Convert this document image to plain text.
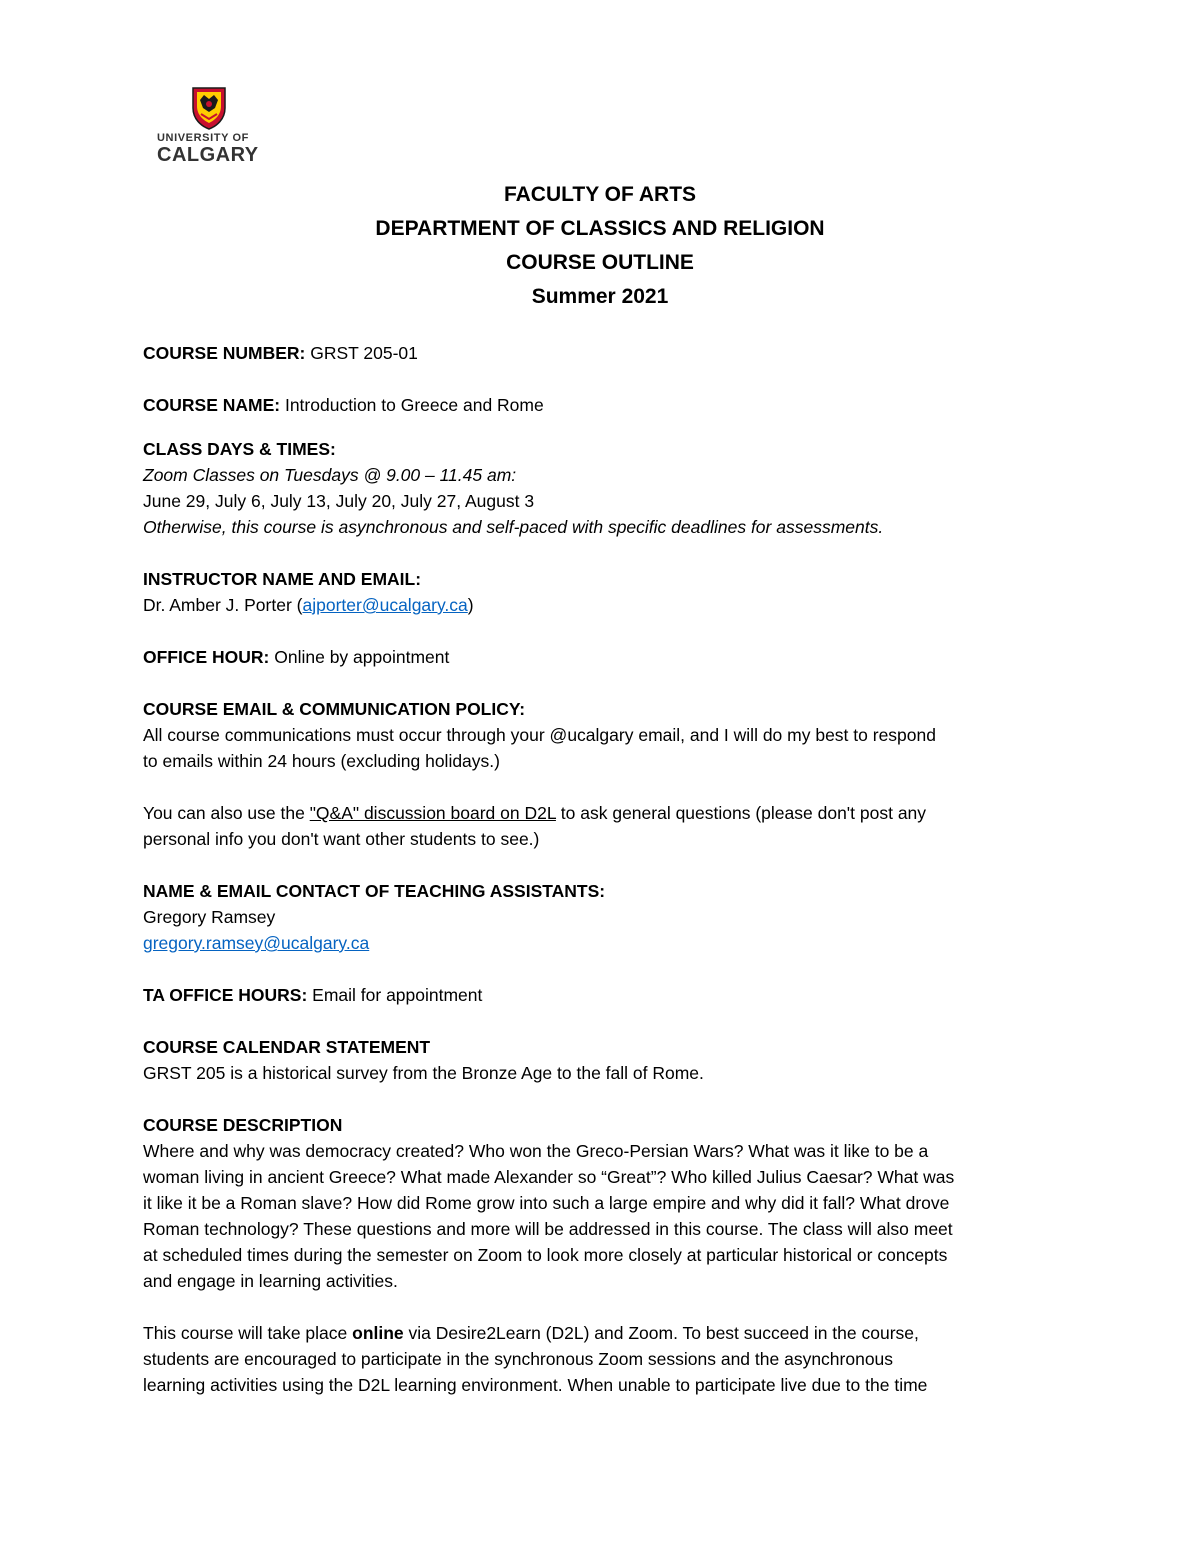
UNIVERSITY OF
CALGARY
FACULTY OF ARTS
DEPARTMENT OF CLASSICS AND RELIGION
COURSE OUTLINE
Summer 2021

COURSE NUMBER: GRST 205-01

COURSE NAME: Introduction to Greece and Rome

CLASS DAYS & TIMES:

Zoom Classes on Tuesdays @ 9.00 – 11.45 am:

June 29, July 6, July 13, July 20, July 27, August 3

Otherwise, this course is asynchronous and self-paced with specific deadlines for assessments.

INSTRUCTOR NAME AND EMAIL:

Dr. Amber J. Porter (ajporter@ucalgary.ca)

OFFICE HOUR: Online by appointment

COURSE EMAIL & COMMUNICATION POLICY:

All course communications must occur through your @ucalgary email, and I will do my best to respond

to emails within 24 hours (excluding holidays.)

You can also use the "Q&A" discussion board on D2L to ask general questions (please don't post any

personal info you don't want other students to see.)

NAME & EMAIL CONTACT OF TEACHING ASSISTANTS:

Gregory Ramsey

gregory.ramsey@ucalgary.ca

TA OFFICE HOURS: Email for appointment

COURSE CALENDAR STATEMENT

GRST 205 is a historical survey from the Bronze Age to the fall of Rome.

COURSE DESCRIPTION

Where and why was democracy created? Who won the Greco-Persian Wars? What was it like to be a

woman living in ancient Greece? What made Alexander so “Great”? Who killed Julius Caesar? What was

it like it be a Roman slave? How did Rome grow into such a large empire and why did it fall? What drove

Roman technology? These questions and more will be addressed in this course. The class will also meet

at scheduled times during the semester on Zoom to look more closely at particular historical or concepts

and engage in learning activities.

This course will take place online via Desire2Learn (D2L) and Zoom. To best succeed in the course,

students are encouraged to participate in the synchronous Zoom sessions and the asynchronous

learning activities using the D2L learning environment. When unable to participate live due to the time
